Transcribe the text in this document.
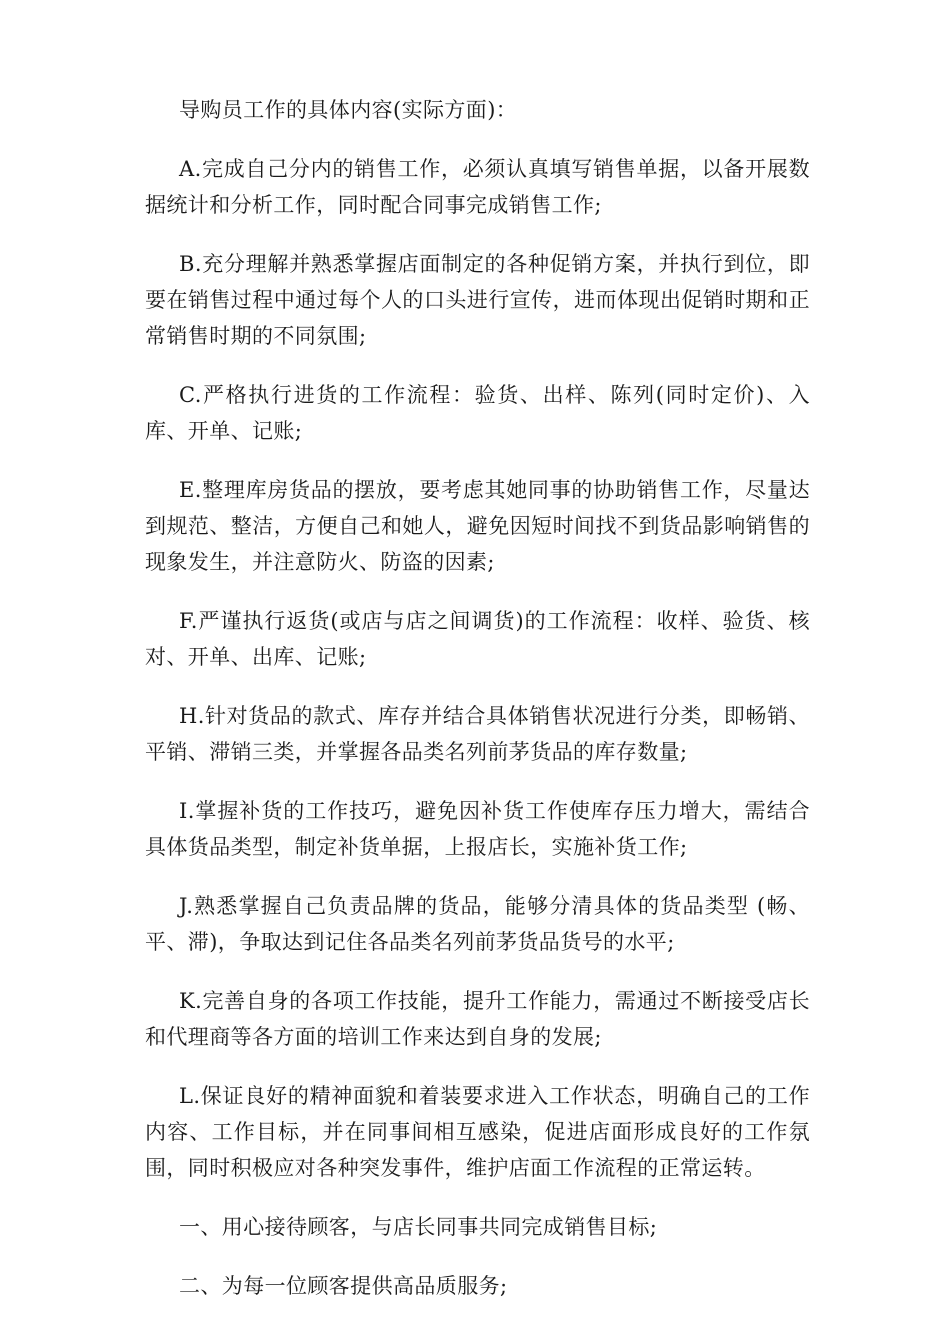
导购员工作的具体内容(实际方面)：

A.完成自己分内的销售工作，必须认真填写销售单据，以备开展数据统计和分析工作，同时配合同事完成销售工作;

B.充分理解并熟悉掌握店面制定的各种促销方案，并执行到位，即要在销售过程中通过每个人的口头进行宣传，进而体现出促销时期和正常销售时期的不同氛围;

C.严格执行进货的工作流程：验货、出样、陈列(同时定价)、入库、开单、记账;

E.整理库房货品的摆放，要考虑其她同事的协助销售工作，尽量达到规范、整洁，方便自己和她人，避免因短时间找不到货品影响销售的现象发生，并注意防火、防盗的因素;

F.严谨执行返货(或店与店之间调货)的工作流程：收样、验货、核对、开单、出库、记账;

H.针对货品的款式、库存并结合具体销售状况进行分类，即畅销、平销、滞销三类，并掌握各品类名列前茅货品的库存数量;

I.掌握补货的工作技巧，避免因补货工作使库存压力增大，需结合具体货品类型，制定补货单据，上报店长，实施补货工作;

J.熟悉掌握自己负责品牌的货品，能够分清具体的货品类型 (畅、平、滞)，争取达到记住各品类名列前茅货品货号的水平;

K.完善自身的各项工作技能，提升工作能力，需通过不断接受店长和代理商等各方面的培训工作来达到自身的发展;

L.保证良好的精神面貌和着装要求进入工作状态，明确自己的工作内容、工作目标，并在同事间相互感染，促进店面形成良好的工作氛围，同时积极应对各种突发事件，维护店面工作流程的正常运转。

一、用心接待顾客，与店长同事共同完成销售目标;

二、为每一位顾客提供高品质服务;
